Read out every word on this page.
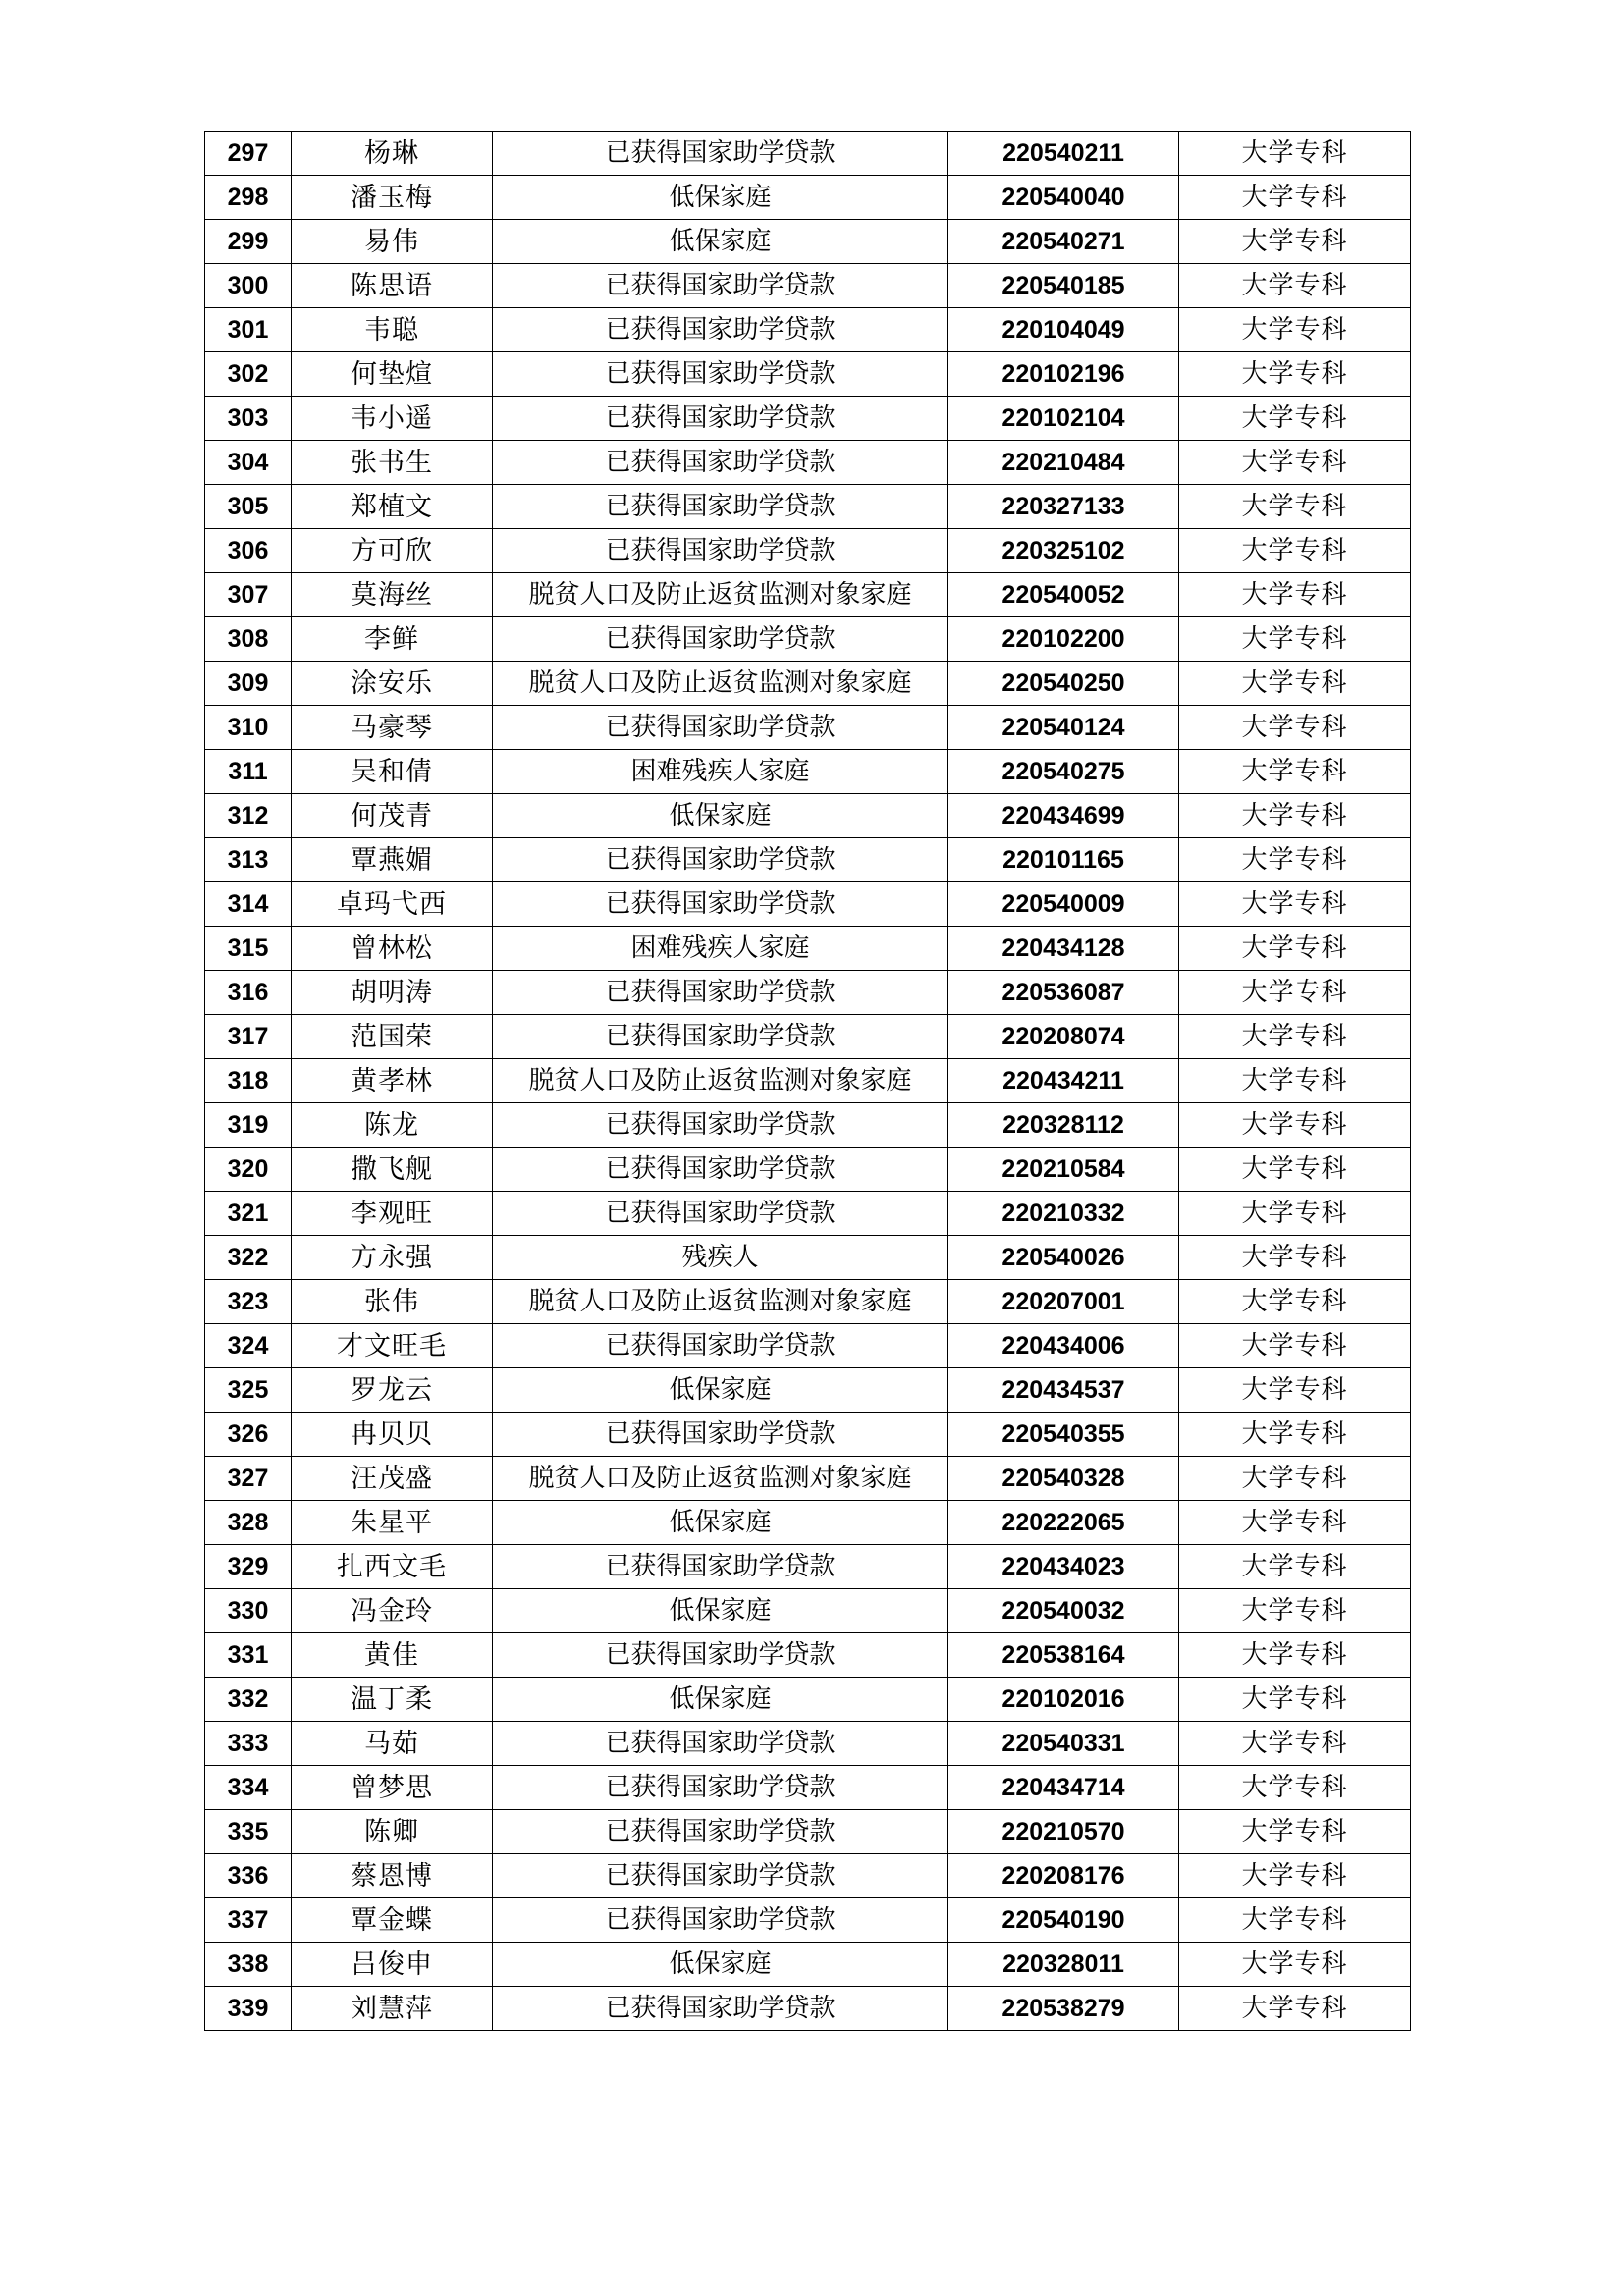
297	杨琳	已获得国家助学贷款	220540211	大学专科
298	潘玉梅	低保家庭	220540040	大学专科
299	易伟	低保家庭	220540271	大学专科
300	陈思语	已获得国家助学贷款	220540185	大学专科
301	韦聪	已获得国家助学贷款	220104049	大学专科
302	何垫煊	已获得国家助学贷款	220102196	大学专科
303	韦小遥	已获得国家助学贷款	220102104	大学专科
304	张书生	已获得国家助学贷款	220210484	大学专科
305	郑植文	已获得国家助学贷款	220327133	大学专科
306	方可欣	已获得国家助学贷款	220325102	大学专科
307	莫海丝	脱贫人口及防止返贫监测对象家庭	220540052	大学专科
308	李鲜	已获得国家助学贷款	220102200	大学专科
309	涂安乐	脱贫人口及防止返贫监测对象家庭	220540250	大学专科
310	马豪琴	已获得国家助学贷款	220540124	大学专科
311	吴和倩	困难残疾人家庭	220540275	大学专科
312	何茂青	低保家庭	220434699	大学专科
313	覃燕媚	已获得国家助学贷款	220101165	大学专科
314	卓玛弋西	已获得国家助学贷款	220540009	大学专科
315	曾林松	困难残疾人家庭	220434128	大学专科
316	胡明涛	已获得国家助学贷款	220536087	大学专科
317	范国荣	已获得国家助学贷款	220208074	大学专科
318	黄孝林	脱贫人口及防止返贫监测对象家庭	220434211	大学专科
319	陈龙	已获得国家助学贷款	220328112	大学专科
320	撒飞舰	已获得国家助学贷款	220210584	大学专科
321	李观旺	已获得国家助学贷款	220210332	大学专科
322	方永强	残疾人	220540026	大学专科
323	张伟	脱贫人口及防止返贫监测对象家庭	220207001	大学专科
324	才文旺毛	已获得国家助学贷款	220434006	大学专科
325	罗龙云	低保家庭	220434537	大学专科
326	冉贝贝	已获得国家助学贷款	220540355	大学专科
327	汪茂盛	脱贫人口及防止返贫监测对象家庭	220540328	大学专科
328	朱星平	低保家庭	220222065	大学专科
329	扎西文毛	已获得国家助学贷款	220434023	大学专科
330	冯金玲	低保家庭	220540032	大学专科
331	黄佳	已获得国家助学贷款	220538164	大学专科
332	温丁柔	低保家庭	220102016	大学专科
333	马茹	已获得国家助学贷款	220540331	大学专科
334	曾梦思	已获得国家助学贷款	220434714	大学专科
335	陈卿	已获得国家助学贷款	220210570	大学专科
336	蔡恩博	已获得国家助学贷款	220208176	大学专科
337	覃金蝶	已获得国家助学贷款	220540190	大学专科
338	吕俊申	低保家庭	220328011	大学专科
339	刘慧萍	已获得国家助学贷款	220538279	大学专科
